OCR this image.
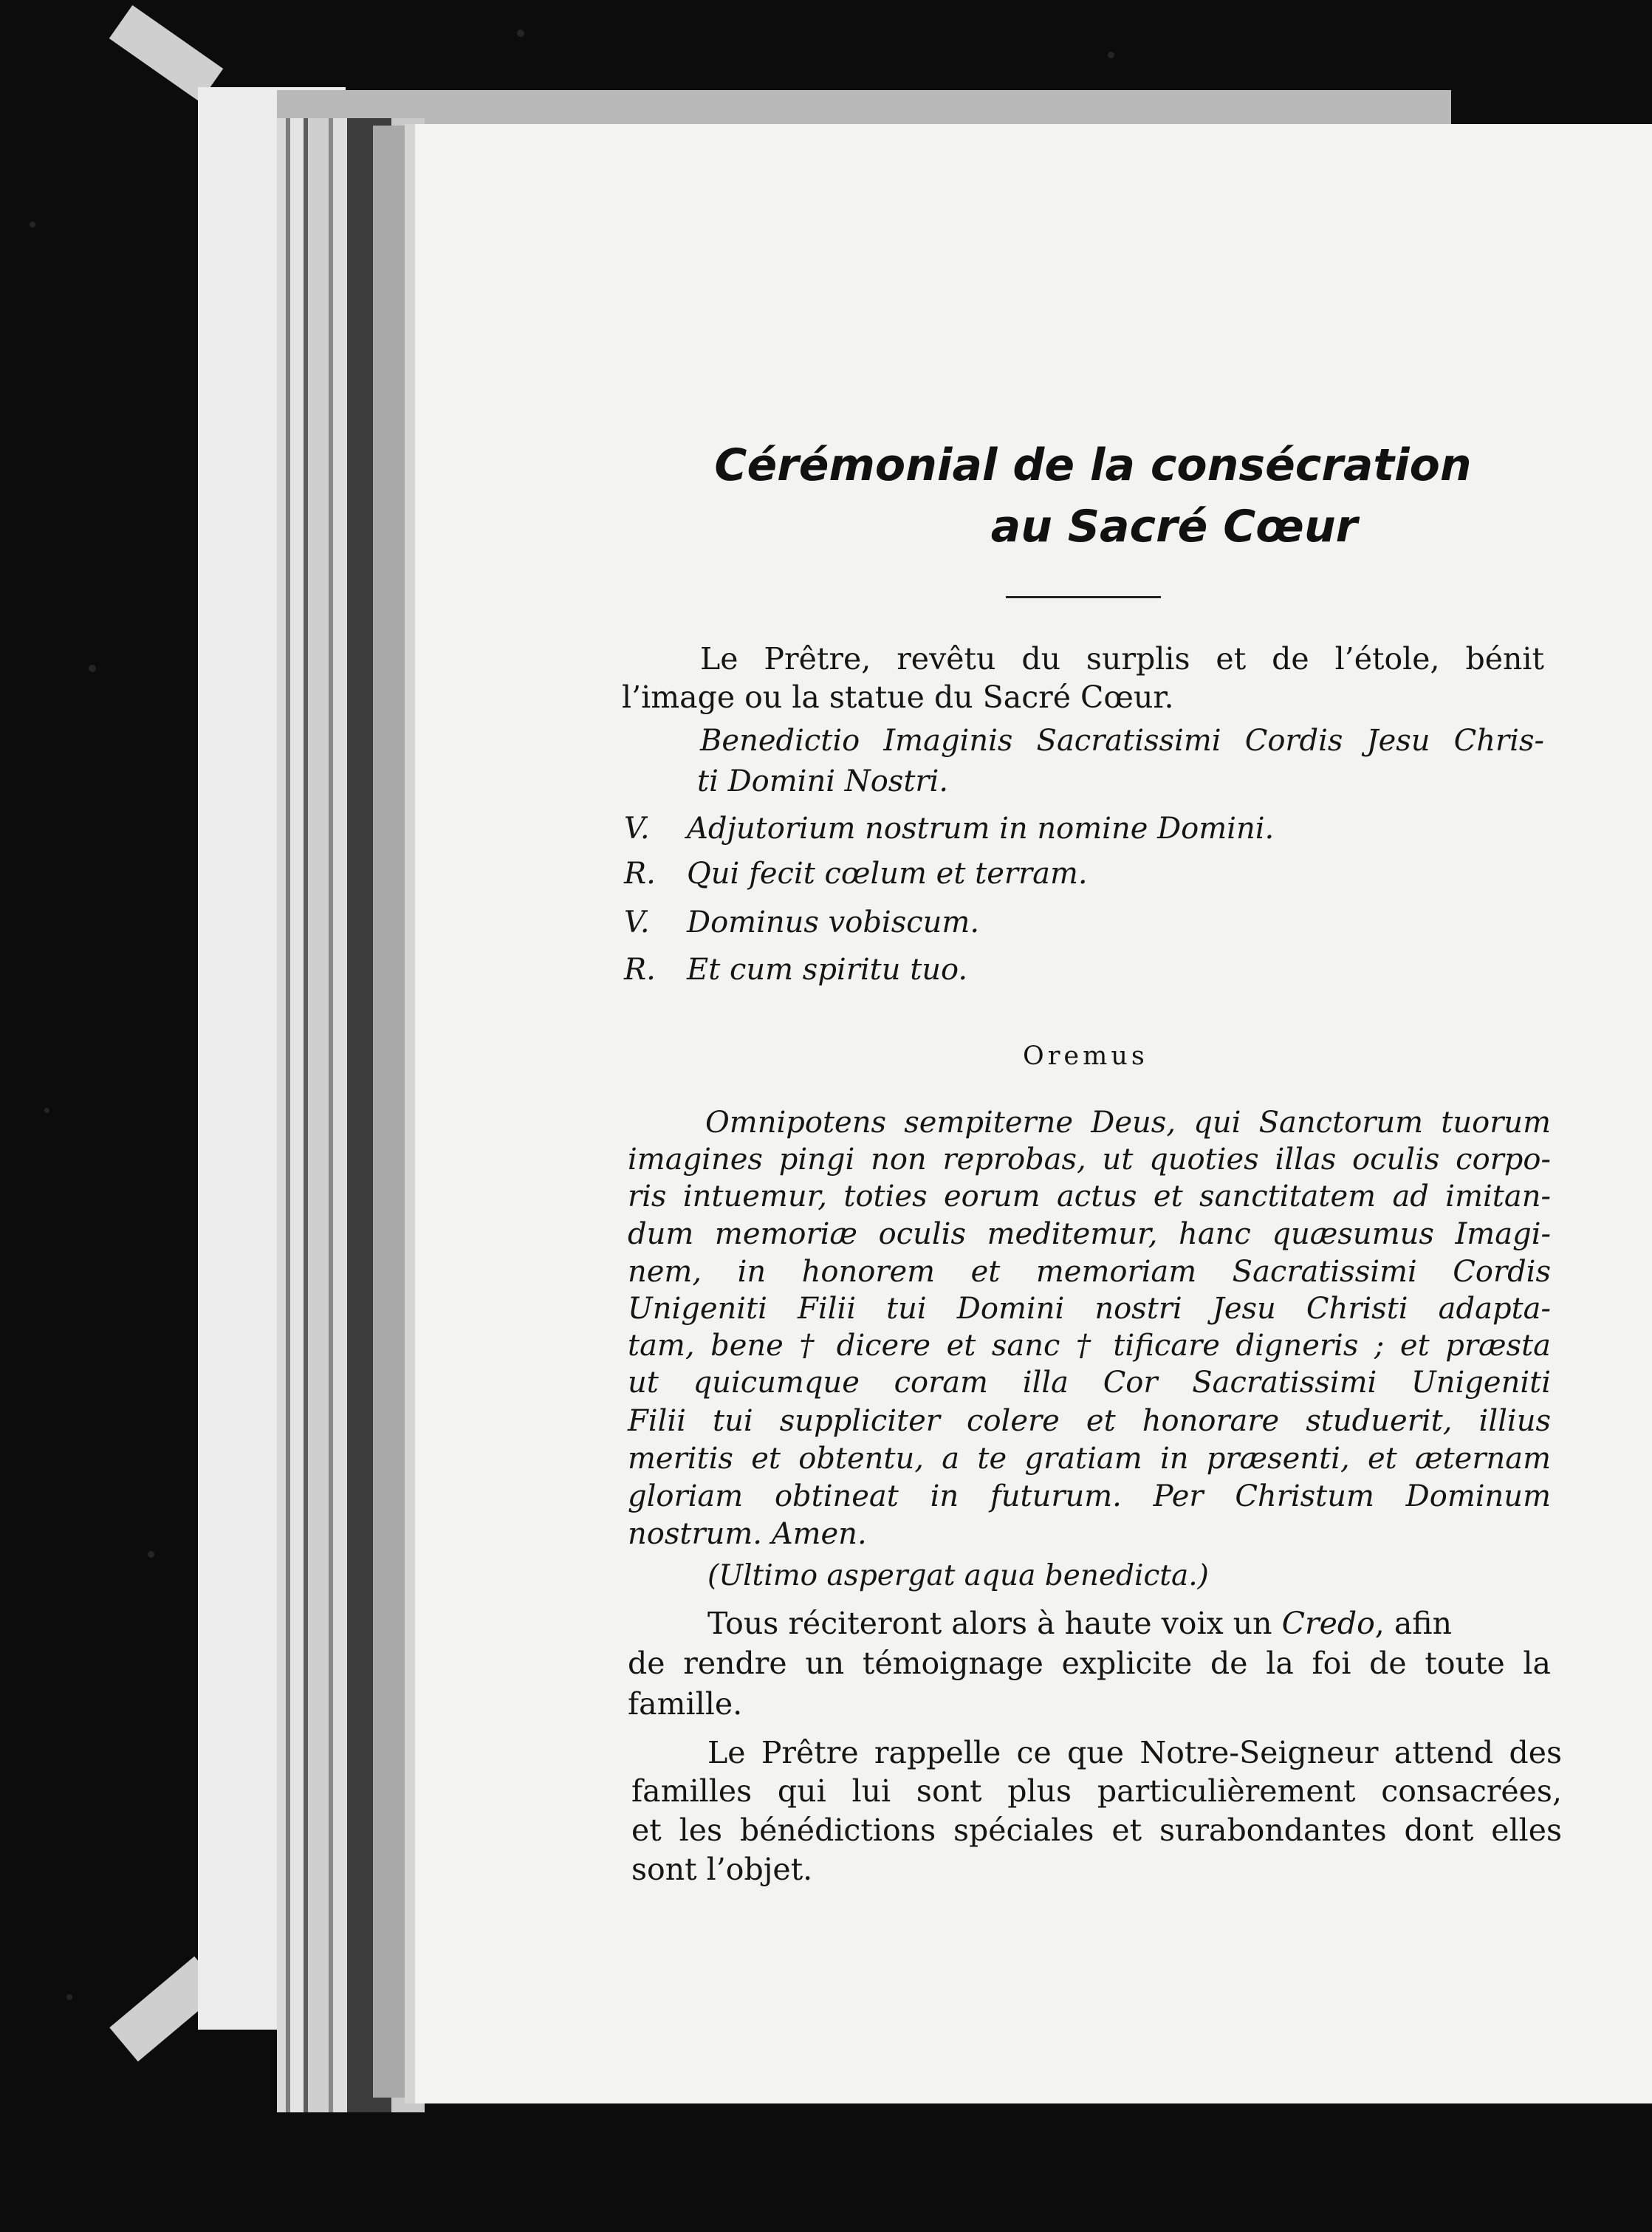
Cérémonial de la consécration
au Sacré Cœur

Le Prêtre, revêtu du surplis et de l’étole, bénit

l’image ou la statue du Sacré Cœur.

Benedictio Imaginis Sacratissimi Cordis Jesu Chris-

ti Domini Nostri.

V. Adjutorium nostrum in nomine Domini.

R. Qui fecit cœlum et terram.

V. Dominus vobiscum.

R. Et cum spiritu tuo.

Oremus

Omnipotens sempiterne Deus, qui Sanctorum tuorum

imagines pingi non reprobas, ut quoties illas oculis corpo-

ris intuemur, toties eorum actus et sanctitatem ad imitan-

dum memoriæ oculis meditemur, hanc quæsumus Imagi-

nem, in honorem et memoriam Sacratissimi Cordis

Unigeniti Filii tui Domini nostri Jesu Christi adapta-

tam, bene † dicere et sanc † tificare digneris ; et præsta

ut quicumque coram illa Cor Sacratissimi Unigeniti

Filii tui suppliciter colere et honorare studuerit, illius

meritis et obtentu, a te gratiam in præsenti, et æternam

gloriam obtineat in futurum. Per Christum Dominum

nostrum. Amen.

(Ultimo aspergat aqua benedicta.)

Tous réciteront alors à haute voix un Credo, afin

de rendre un témoignage explicite de la foi de toute la

famille.

Le Prêtre rappelle ce que Notre-Seigneur attend des

familles qui lui sont plus particulièrement consacrées,

et les bénédictions spéciales et surabondantes dont elles

sont l’objet.
